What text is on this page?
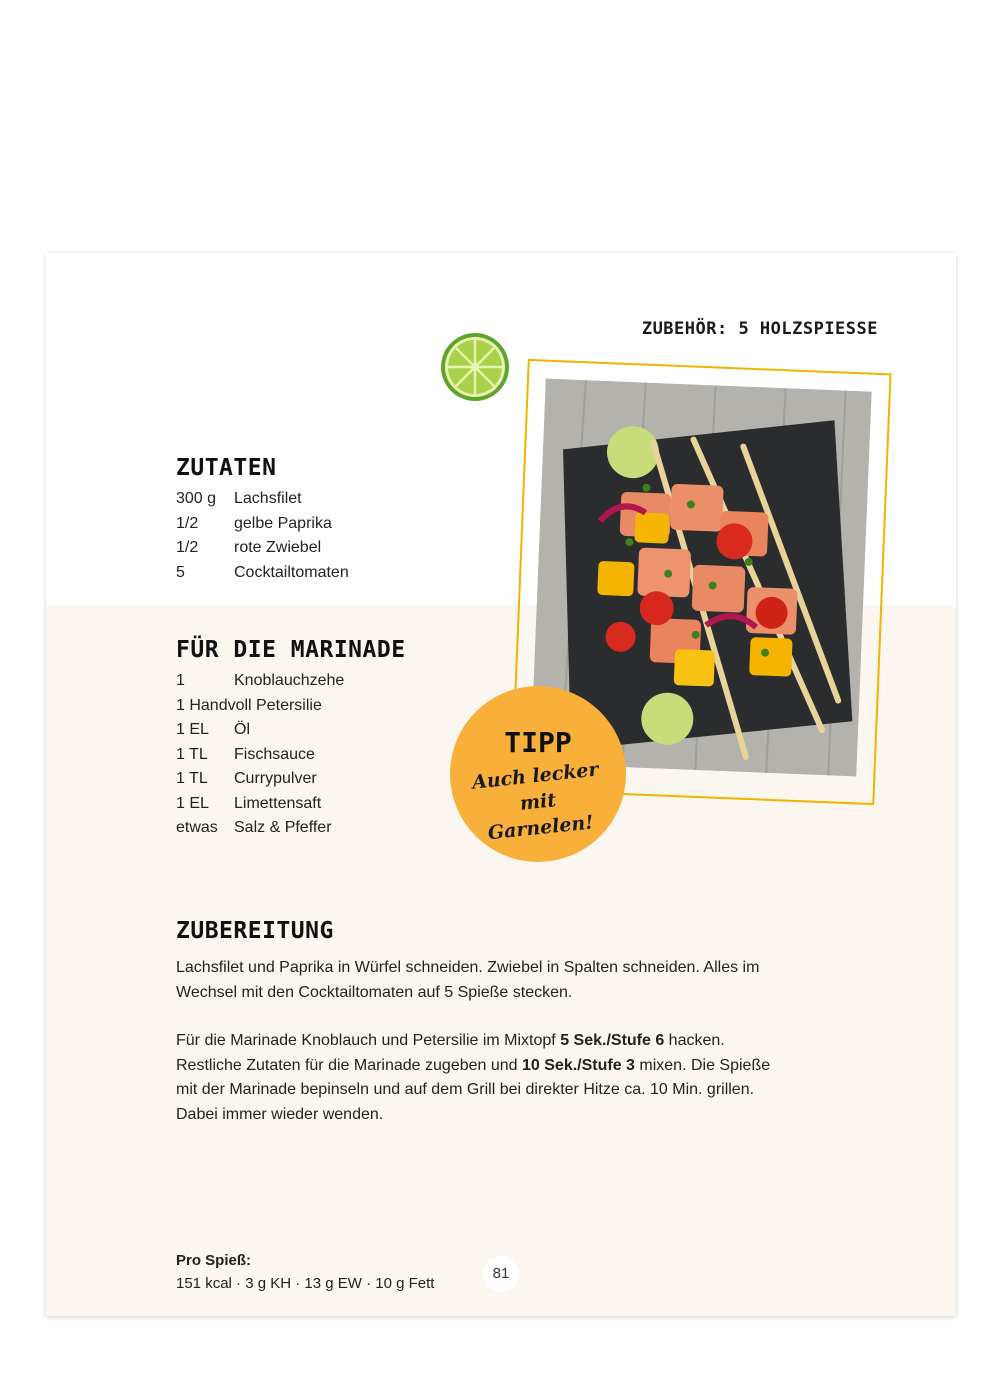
ZUBEHÖR: 5 HOLZSPIESSE
ZUTATEN
300 g	Lachsfilet
1/2	gelbe Paprika
1/2	rote Zwiebel
5	Cocktailtomaten
FÜR DIE MARINADE
1	Knoblauchzehe
1 Handvoll Petersilie
1 EL	Öl
1 TL	Fischsauce
1 TL	Currypulver
1 EL	Limettensaft
etwas	Salz & Pfeffer
TIPP
Auch lecker mit Garnelen!
ZUBEREITUNG

Lachsfilet und Paprika in Würfel schneiden. Zwiebel in Spalten schneiden. Alles im Wechsel mit den Cocktailtomaten auf 5 Spieße stecken.

Für die Marinade Knoblauch und Petersilie im Mixtopf 5 Sek./Stufe 6 hacken. Restliche Zutaten für die Marinade zugeben und 10 Sek./Stufe 3 mixen. Die Spieße mit der Marinade bepinseln und auf dem Grill bei direkter Hitze ca. 10 Min. grillen. Dabei immer wieder wenden.

Pro Spieß:
151 kcal · 3 g KH · 13 g EW · 10 g Fett
81
